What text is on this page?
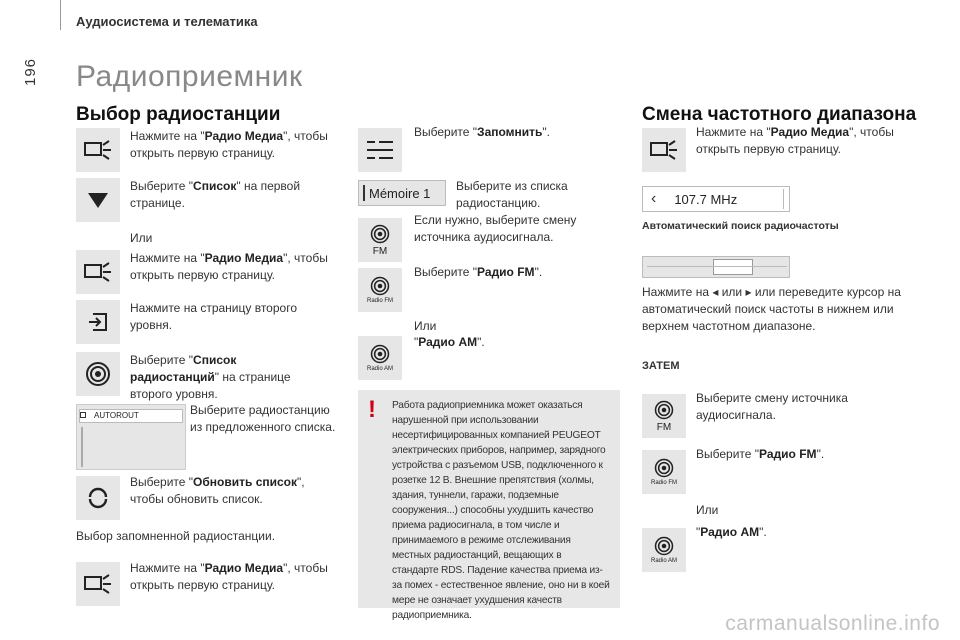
196
Аудиосистема и телематика
Радиоприемник
Выбор радиостанции
Нажмите на "Радио Медиа", чтобы открыть первую страницу.
Выберите "Список" на первой странице.
Или
Нажмите на "Радио Медиа", чтобы открыть первую страницу.
Нажмите на страницу второго уровня.
Выберите "Список радиостанций" на странице второго уровня.
AUTOROUT	Выберите радиостанцию из предложенного списка.
Выберите "Обновить список", чтобы обновить список.
Выбор запомненной радиостанции.
Нажмите на "Радио Медиа", чтобы открыть первую страницу.
Выберите "Запомнить".
Mémoire 1 Выберите из списка радиостанцию.
FM
Если нужно, выберите смену источника аудиосигнала.
Radio FM
Выберите "Радио FM".
Или
Radio AM
"Радио AM".
Работа радиоприемника может оказаться нарушенной при использовании несертифицированных компанией PEUGEOT электрических приборов, например, зарядного устройства с разъемом USB, подключенного к розетке 12 В. Внешние препятствия (холмы, здания, туннели, гаражи, подземные сооружения...) способны ухудшить качество приема радиосигнала, в том числе и принимаемого в режиме отслеживания местных радиостанций, вещающих в стандарте RDS. Падение качества приема из-за помех - естественное явление, оно ни в коей мере не означает ухудшения качеств радиоприемника.
!
Смена частотного диапазона
Нажмите на "Радио Медиа", чтобы открыть первую страницу.
‹ 107.7 MHz
Автоматический поиск радиочастоты
Нажмите на ◂ или ▸ или переведите курсор на автоматический поиск частоты в нижнем или верхнем частотном диапазоне.
ЗАТЕМ
FM
Выберите смену источника аудиосигнала.
Radio FM
Выберите "Радио FM".
Или
Radio AM
"Радио AM".
carmanualsonline.info
